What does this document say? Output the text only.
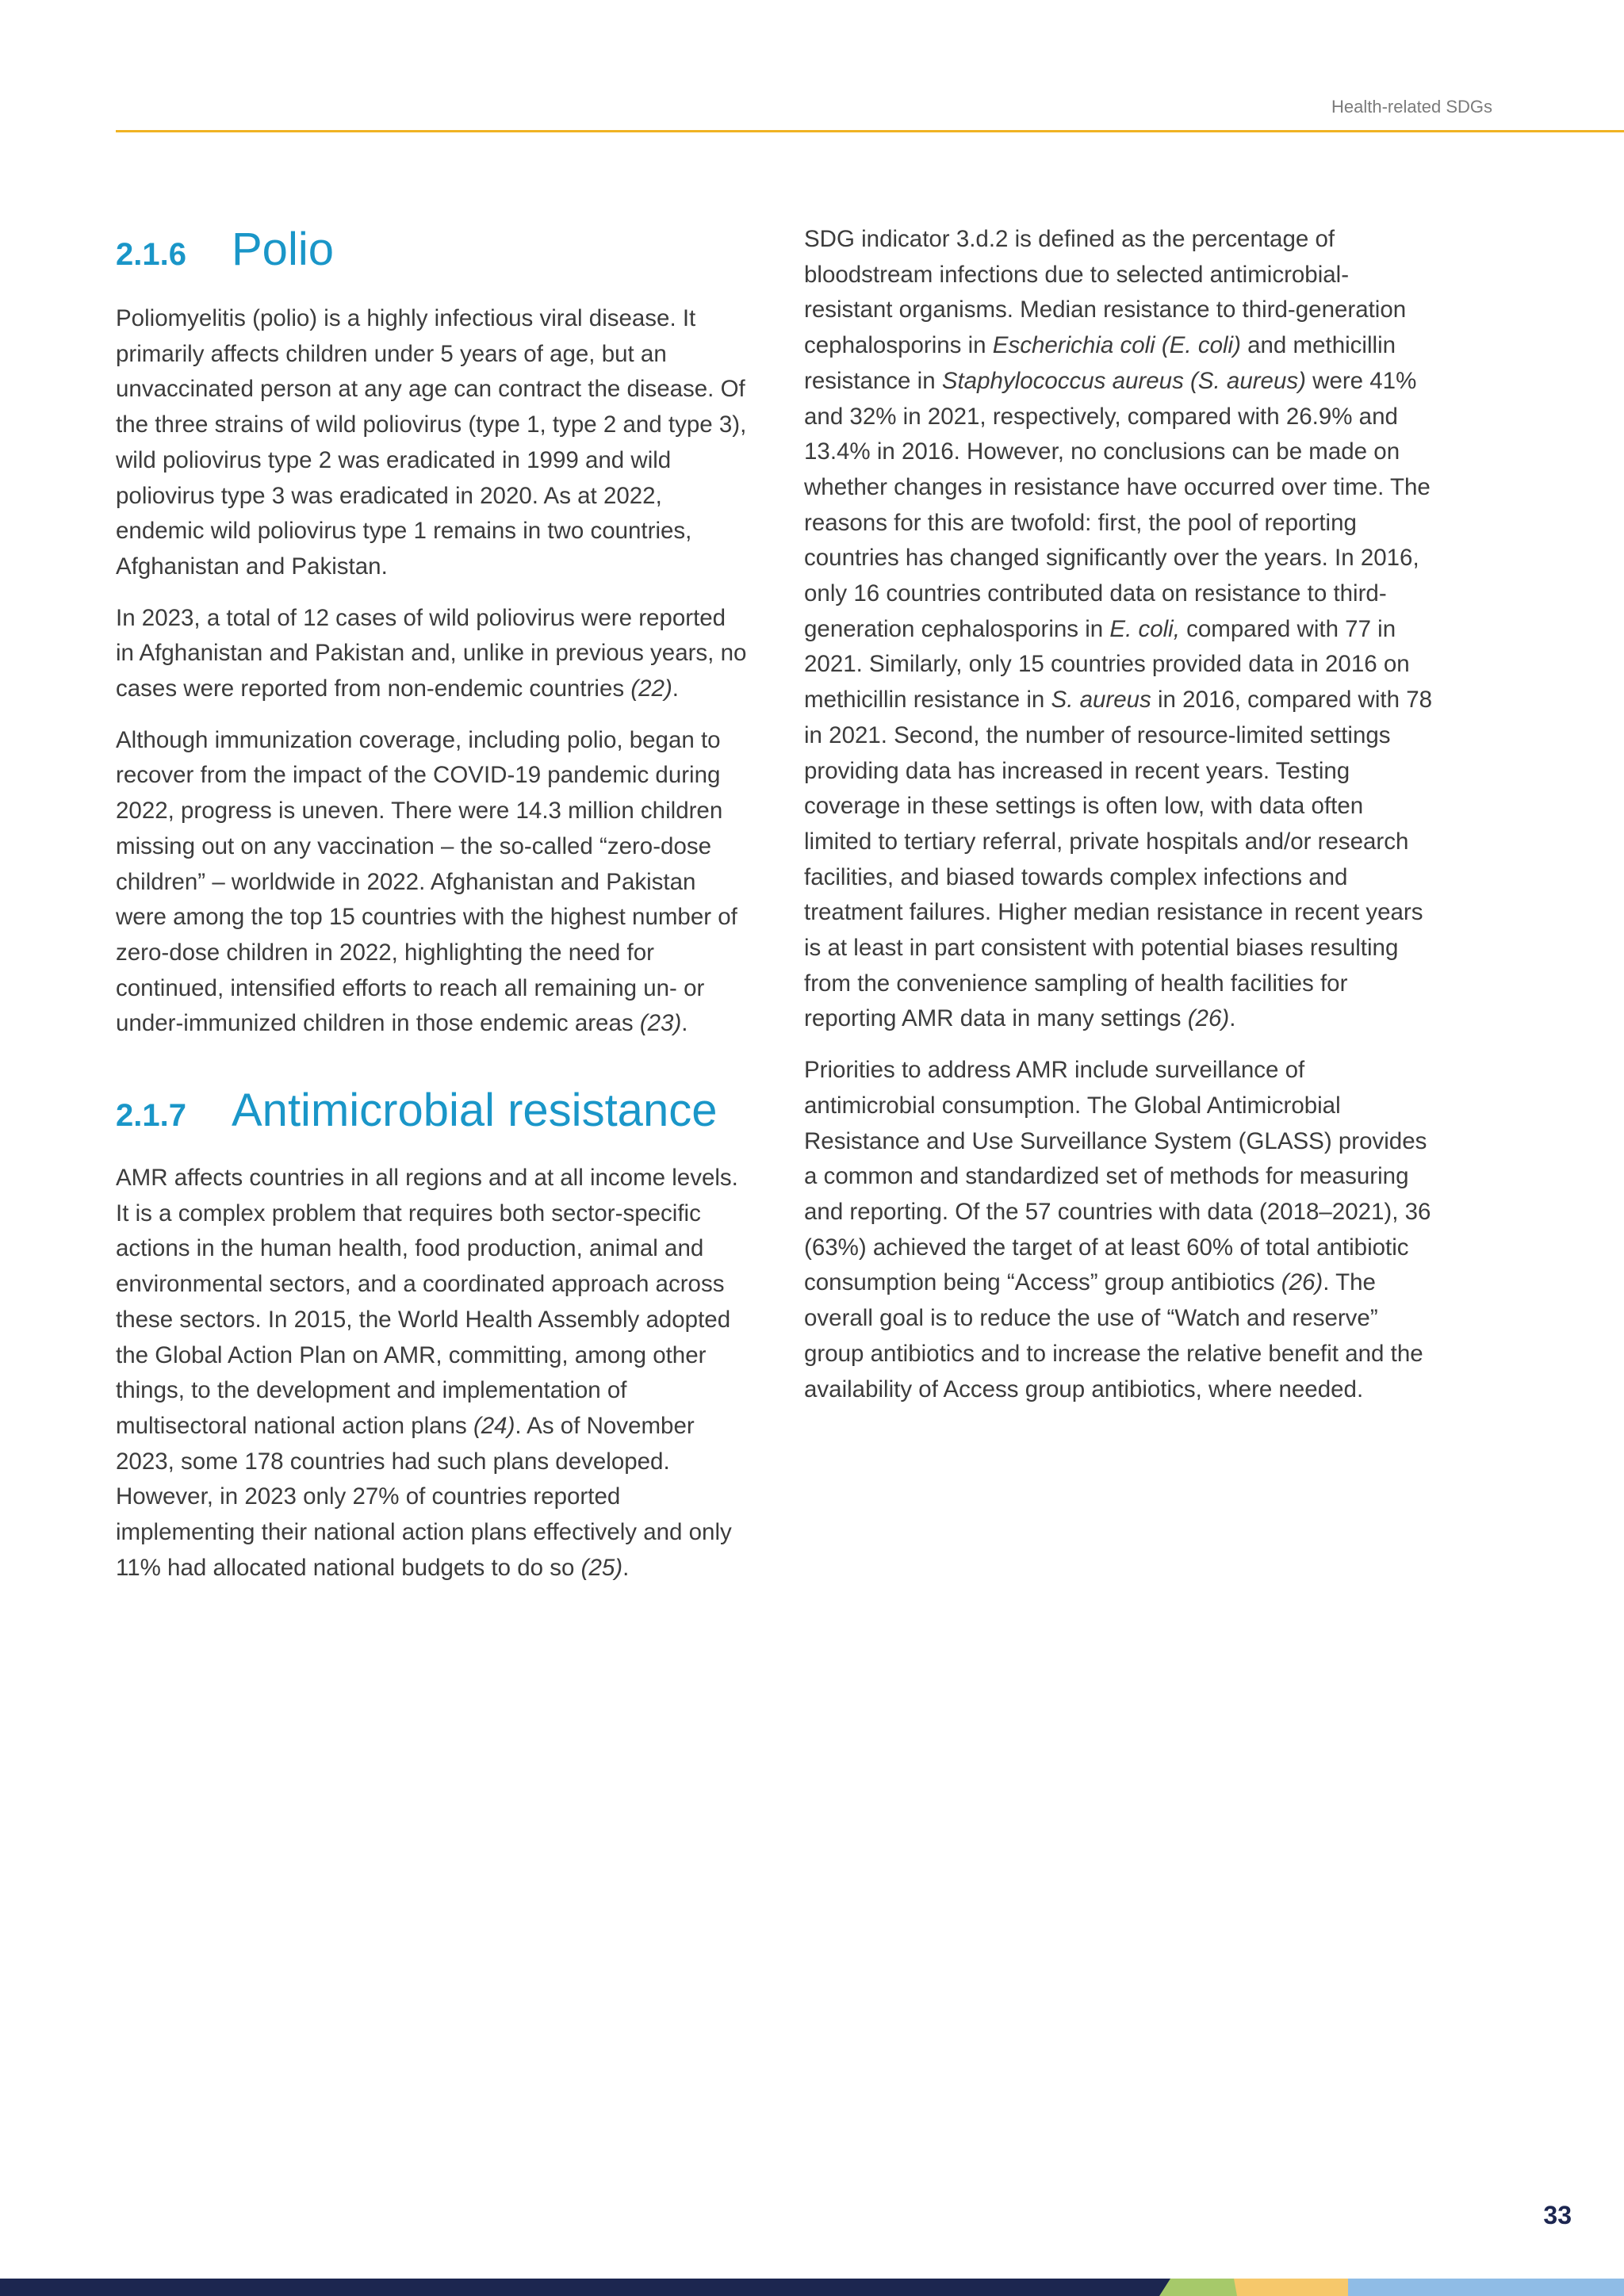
Health-related SDGs
2.1.6 Polio

Poliomyelitis (polio) is a highly infectious viral disease. It primarily affects children under 5 years of age, but an unvaccinated person at any age can contract the disease. Of the three strains of wild poliovirus (type 1, type 2 and type 3), wild poliovirus type 2 was eradicated in 1999 and wild poliovirus type 3 was eradicated in 2020. As at 2022, endemic wild poliovirus type 1 remains in two countries, Afghanistan and Pakistan.

In 2023, a total of 12 cases of wild poliovirus were reported in Afghanistan and Pakistan and, unlike in previous years, no cases were reported from non-endemic countries (22).

Although immunization coverage, including polio, began to recover from the impact of the COVID-19 pandemic during 2022, progress is uneven. There were 14.3 million children missing out on any vaccination – the so-called “zero-dose children” – worldwide in 2022. Afghanistan and Pakistan were among the top 15 countries with the highest number of zero-dose children in 2022, highlighting the need for continued, intensified efforts to reach all remaining un- or under-immunized children in those endemic areas (23).

2.1.7 Antimicrobial resistance

AMR affects countries in all regions and at all income levels. It is a complex problem that requires both sector-specific actions in the human health, food production, animal and environmental sectors, and a coordinated approach across these sectors. In 2015, the World Health Assembly adopted the Global Action Plan on AMR, committing, among other things, to the development and implementation of multisectoral national action plans (24). As of November 2023, some 178 countries had such plans developed. However, in 2023 only 27% of countries reported implementing their national action plans effectively and only 11% had allocated national budgets to do so (25).

SDG indicator 3.d.2 is defined as the percentage of bloodstream infections due to selected antimicrobial-resistant organisms. Median resistance to third-generation cephalosporins in Escherichia coli (E. coli) and methicillin resistance in Staphylococcus aureus (S. aureus) were 41% and 32% in 2021, respectively, compared with 26.9% and 13.4% in 2016. However, no conclusions can be made on whether changes in resistance have occurred over time. The reasons for this are twofold: first, the pool of reporting countries has changed significantly over the years. In 2016, only 16 countries contributed data on resistance to third-generation cephalosporins in E. coli, compared with 77 in 2021. Similarly, only 15 countries provided data in 2016 on methicillin resistance in S. aureus in 2016, compared with 78 in 2021. Second, the number of resource-limited settings providing data has increased in recent years. Testing coverage in these settings is often low, with data often limited to tertiary referral, private hospitals and/or research facilities, and biased towards complex infections and treatment failures. Higher median resistance in recent years is at least in part consistent with potential biases resulting from the convenience sampling of health facilities for reporting AMR data in many settings (26).

Priorities to address AMR include surveillance of antimicrobial consumption. The Global Antimicrobial Resistance and Use Surveillance System (GLASS) provides a common and standardized set of methods for measuring and reporting. Of the 57 countries with data (2018–2021), 36 (63%) achieved the target of at least 60% of total antibiotic consumption being “Access” group antibiotics (26). The overall goal is to reduce the use of “Watch and reserve” group antibiotics and to increase the relative benefit and the availability of Access group antibiotics, where needed.

33
